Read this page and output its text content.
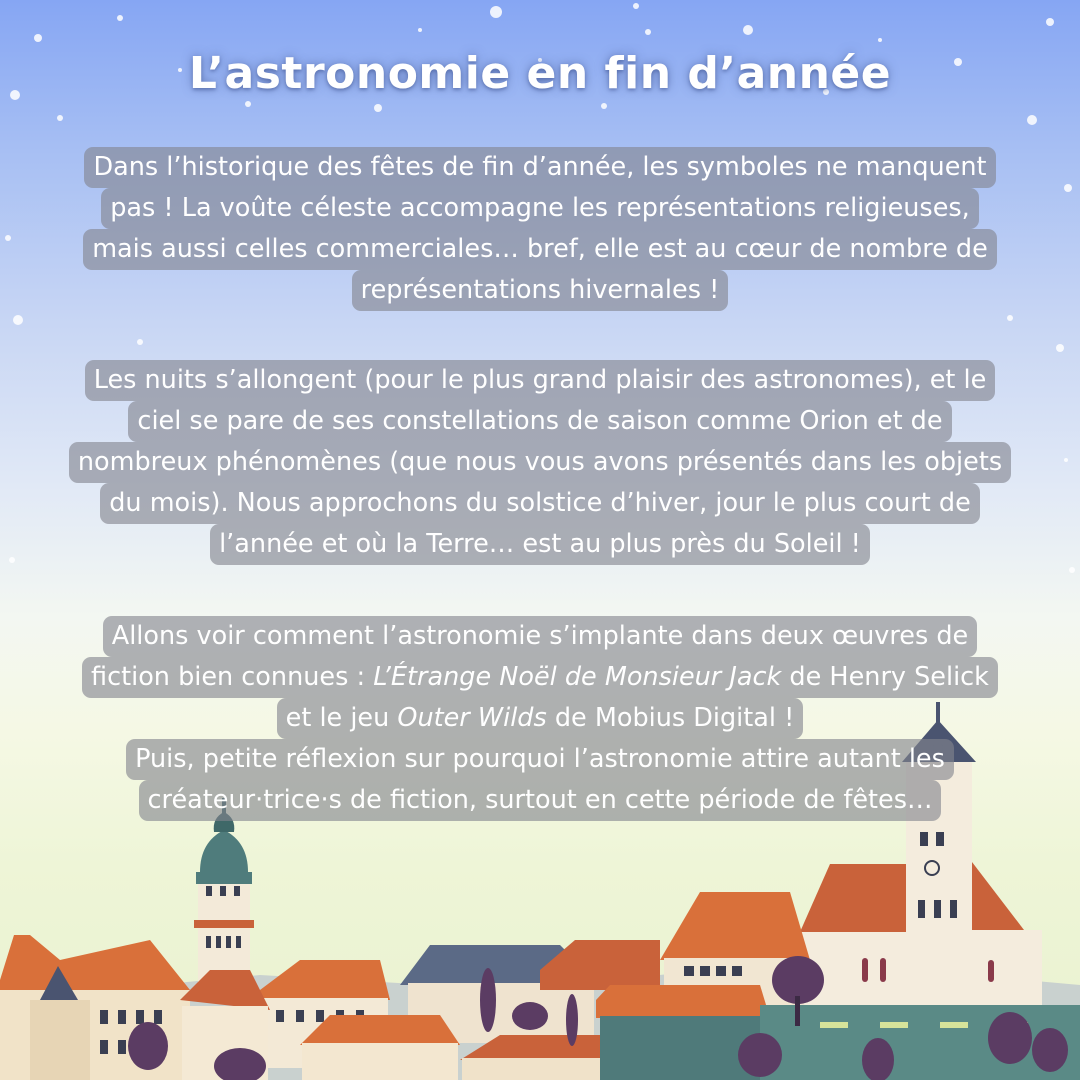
L’astronomie en fin d’année
Dans l’historique des fêtes de fin d’année, les symboles ne manquent
pas ! La voûte céleste accompagne les représentations religieuses,
mais aussi celles commerciales… bref, elle est au cœur de nombre de
représentations hivernales !
Les nuits s’allongent (pour le plus grand plaisir des astronomes), et le
ciel se pare de ses constellations de saison comme Orion et de
nombreux phénomènes (que nous vous avons présentés dans les objets
du mois). Nous approchons du solstice d’hiver, jour le plus court de
l’année et où la Terre… est au plus près du Soleil !
Allons voir comment l’astronomie s’implante dans deux œuvres de
fiction bien connues : L’Étrange Noël de Monsieur Jack de Henry Selick
et le jeu Outer Wilds de Mobius Digital !
Puis, petite réflexion sur pourquoi l’astronomie attire autant les
créateur·trice·s de fiction, surtout en cette période de fêtes…
